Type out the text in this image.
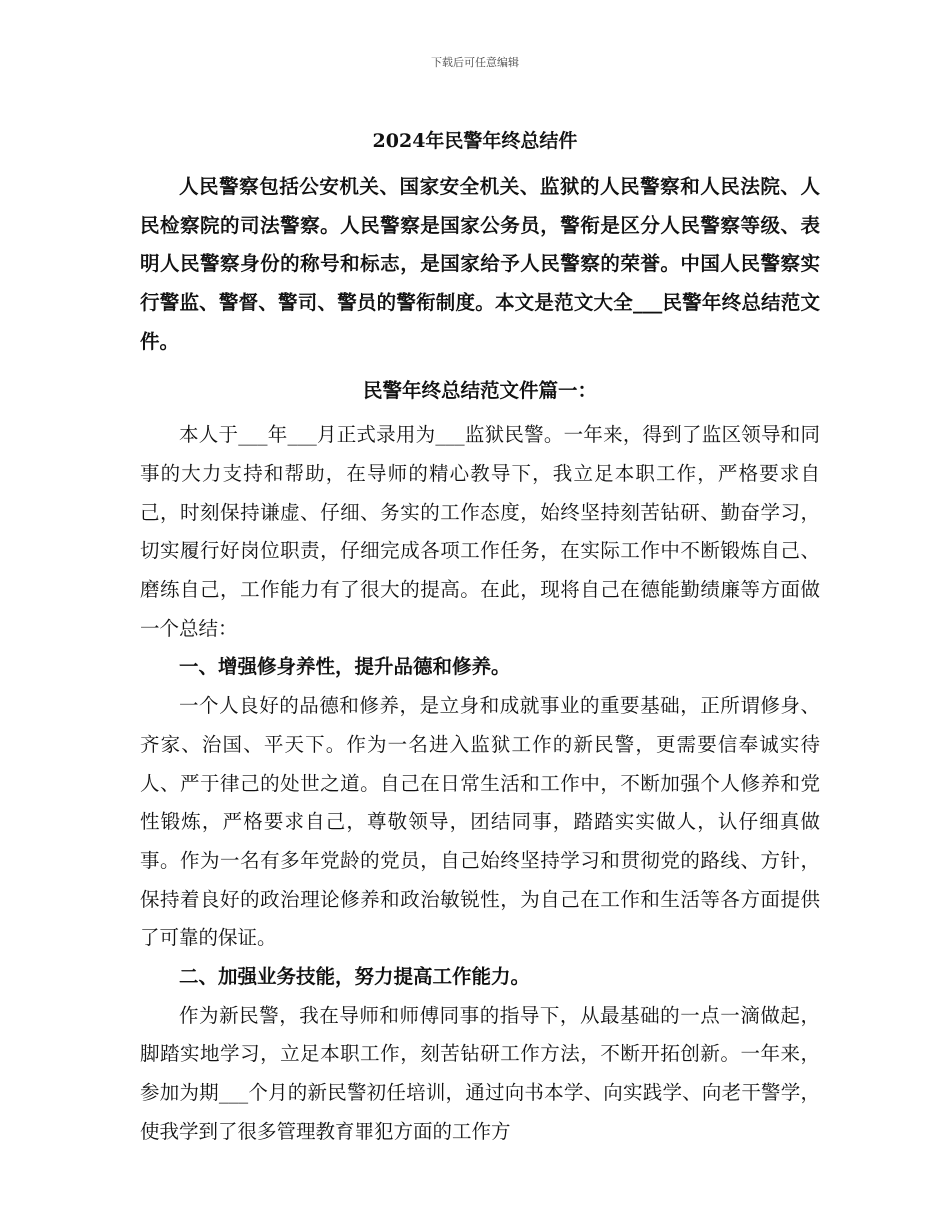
下载后可任意编辑
2024年民警年终总结件

人民警察包括公安机关、国家安全机关、监狱的人民警察和人民法院、人民检察院的司法警察。人民警察是国家公务员，警衔是区分人民警察等级、表明人民警察身份的称号和标志，是国家给予人民警察的荣誉。中国人民警察实行警监、警督、警司、警员的警衔制度。本文是范文大全___民警年终总结范文件。

民警年终总结范文件篇一：

本人于___年___月正式录用为___监狱民警。一年来，得到了监区领导和同事的大力支持和帮助，在导师的精心教导下，我立足本职工作，严格要求自己，时刻保持谦虚、仔细、务实的工作态度，始终坚持刻苦钻研、勤奋学习，切实履行好岗位职责，仔细完成各项工作任务，在实际工作中不断锻炼自己、磨练自己，工作能力有了很大的提高。在此，现将自己在德能勤绩廉等方面做一个总结：

一、增强修身养性，提升品德和修养。

一个人良好的品德和修养，是立身和成就事业的重要基础，正所谓修身、齐家、治国、平天下。作为一名进入监狱工作的新民警，更需要信奉诚实待人、严于律己的处世之道。自己在日常生活和工作中，不断加强个人修养和党性锻炼，严格要求自己，尊敬领导，团结同事，踏踏实实做人，认仔细真做事。作为一名有多年党龄的党员，自己始终坚持学习和贯彻党的路线、方针，保持着良好的政治理论修养和政治敏锐性，为自己在工作和生活等各方面提供了可靠的保证。

二、加强业务技能，努力提高工作能力。

作为新民警，我在导师和师傅同事的指导下，从最基础的一点一滴做起，脚踏实地学习，立足本职工作，刻苦钻研工作方法，不断开拓创新。一年来，参加为期___个月的新民警初任培训，通过向书本学、向实践学、向老干警学，使我学到了很多管理教育罪犯方面的工作方
